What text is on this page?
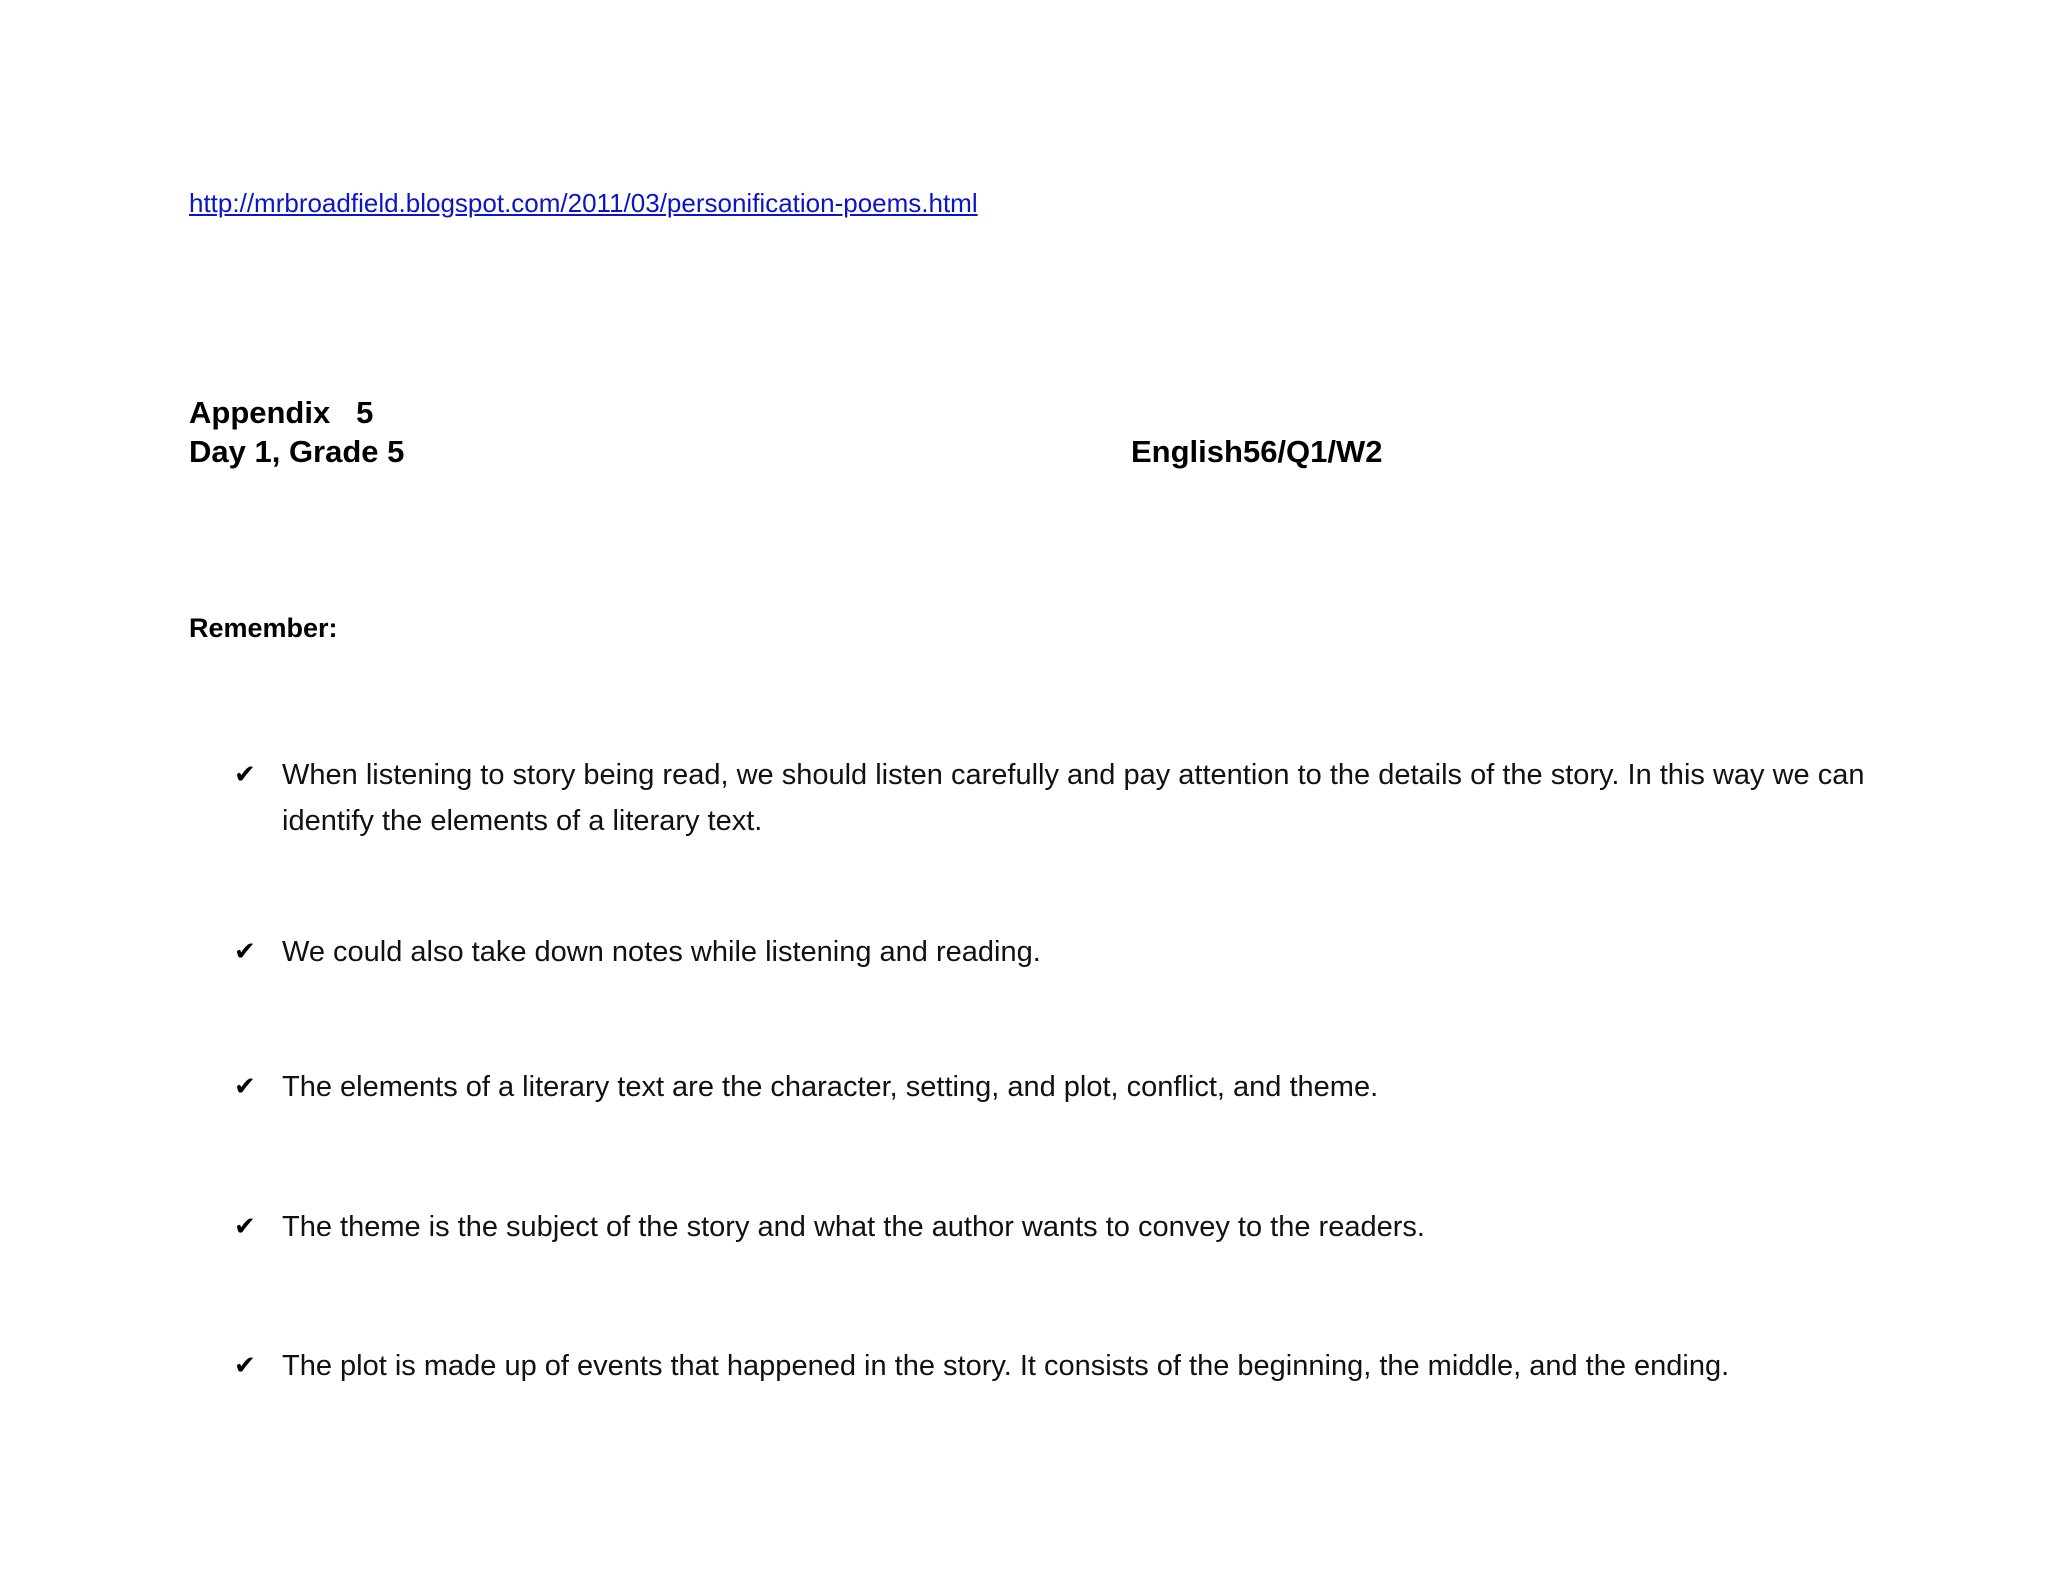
http://mrbroadfield.blogspot.com/2011/03/personification-poems.html
Appendix   5
Day 1, Grade 5	English56/Q1/W2
Remember:
✔ When listening to story being read, we should listen carefully and pay attention to the details of the story. In this way we can identify the elements of a literary text.
✔ We could also take down notes while listening and reading.
✔ The elements of a literary text are the character, setting, and plot, conflict, and theme.
✔ The theme is the subject of the story and what the author wants to convey to the readers.
✔ The plot is made up of events that happened in the story. It consists of the beginning, the middle, and the ending.
